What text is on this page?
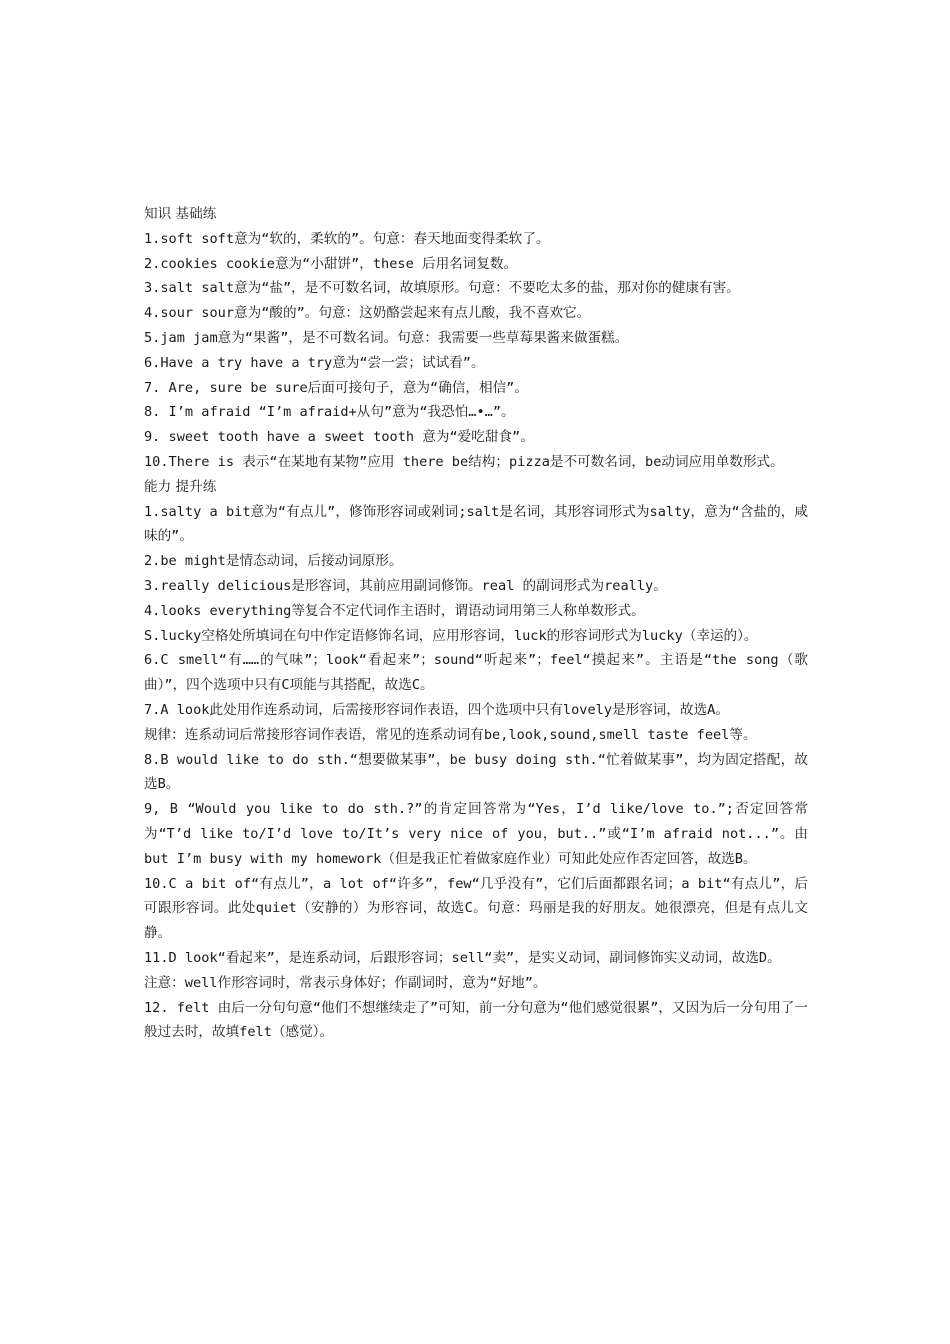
知识 基础练

1.soft soft意为“软的，柔软的”。句意：春天地面变得柔软了。

2.cookies cookie意为“小甜饼”，these 后用名词复数。

3.salt salt意为“盐”，是不可数名词，故填原形。句意：不要吃太多的盐，那对你的健康有害。

4.sour sour意为“酸的”。句意：这奶酪尝起来有点儿酸，我不喜欢它。

5.jam jam意为“果酱”，是不可数名词。句意：我需要一些草莓果酱来做蛋糕。

6.Have a try have a try意为“尝一尝；试试看”。

7. Are, sure be sure后面可接句子，意为“确信，相信”。

8. I’m afraid “I’m afraid+从句”意为“我恐怕…•…”。

9. sweet tooth have a sweet tooth 意为“爱吃甜食”。

10.There is 表示“在某地有某物”应用 there be结构；pizza是不可数名词，be动词应用单数形式。

能力 提升练

1.salty a bit意为“有点儿”，修饰形容词或剁词;salt是名词，其形容词形式为salty，意为“含盐的，咸味的”。

2.be might是情态动词，后接动词原形。

3.really delicious是形容词，其前应用副词修饰。real 的副词形式为really。

4.looks everything等复合不定代词作主语时，谓语动词用第三人称单数形式。

S.lucky空格处所填词在句中作定语修饰名词，应用形容词，luck的形容词形式为lucky（幸运的）。

6.C smell“有……的气味”；look“看起来”；sound“听起来”；feel“摸起来”。主语是“the song（歌曲）”，四个选项中只有C项能与其搭配，故选C。

7.A look此处用作连系动词，后需接形容词作表语，四个选项中只有lovely是形容词，故选A。

规律：连系动词后常接形容词作表语，常见的连系动词有be,look,sound,smell taste feel等。

8.B would like to do sth.“想要做某事”，be busy doing sth.“忙着做某事”，均为固定搭配，故选B。

9, B “Would you like to do sth.?”的肯定回答常为“Yes，I’d like/love to.”;否定回答常为“T’d like to/I’d love to/It’s very nice of you，but..”或“I’m afraid not...”。由 but I’m busy with my homework（但是我正忙着做家庭作业）可知此处应作否定回答，故选B。

10.C a bit of“有点儿”，a lot of“许多”，few“几乎没有”，它们后面都跟名词；a bit“有点儿”，后可跟形容词。此处quiet（安静的）为形容词，故选C。句意：玛丽是我的好朋友。她很漂亮，但是有点儿文静。

11.D look“看起来”，是连系动词，后跟形容词；sell“卖”，是实义动词，副词修饰实义动词，故选D。

注意：well作形容词时，常表示身体好；作副词时，意为“好地”。

12. felt 由后一分句句意“他们不想继续走了”可知，前一分句意为“他们感觉很累”，又因为后一分句用了一般过去时，故填felt（感觉）。
